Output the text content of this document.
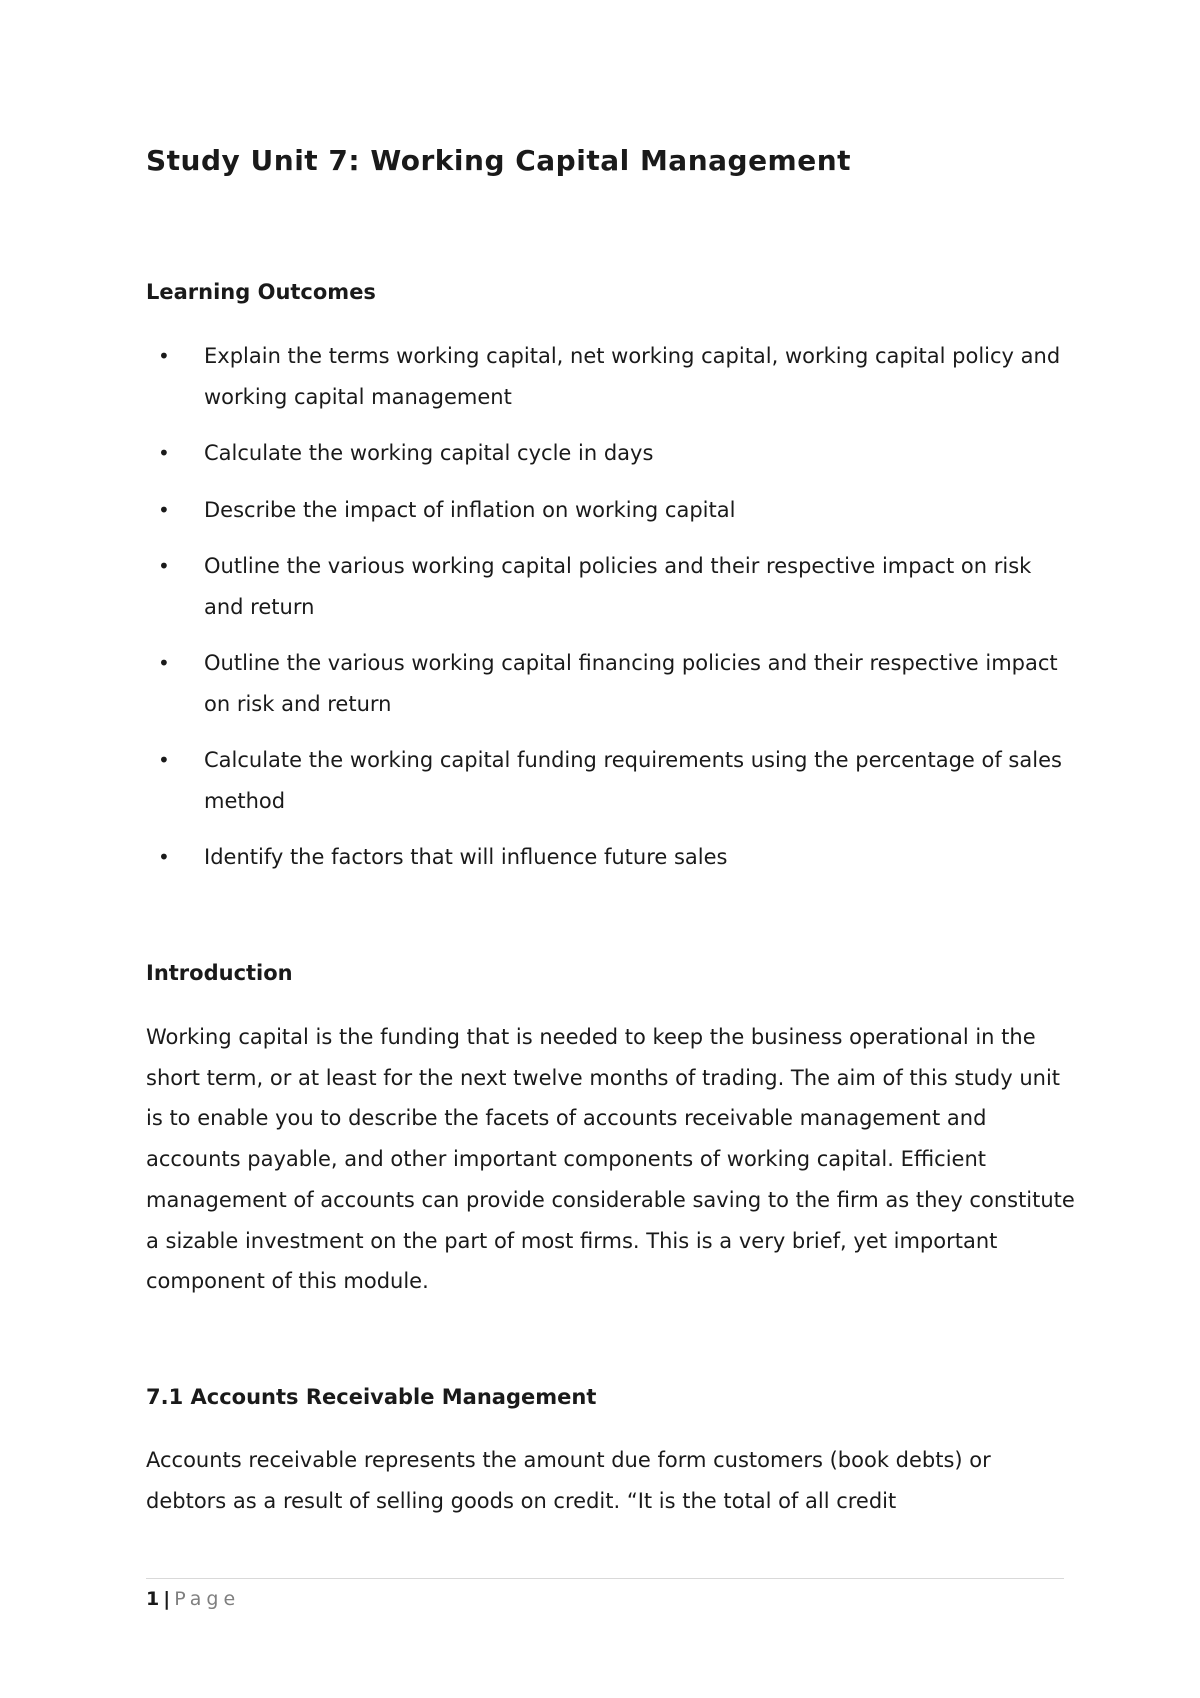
Study Unit 7: Working Capital Management
Learning Outcomes
• Explain the terms working capital, net working capital, working capital policy and working capital management
• Calculate the working capital cycle in days
• Describe the impact of inflation on working capital
• Outline the various working capital policies and their respective impact on risk and return
• Outline the various working capital financing policies and their respective impact on risk and return
• Calculate the working capital funding requirements using the percentage of sales method
• Identify the factors that will influence future sales
Introduction

Working capital is the funding that is needed to keep the business operational in the short term, or at least for the next twelve months of trading. The aim of this study unit is to enable you to describe the facets of accounts receivable management and accounts payable, and other important components of working capital. Efficient management of accounts can provide considerable saving to the firm as they constitute a sizable investment on the part of most firms. This is a very brief, yet important component of this module.

7.1 Accounts Receivable Management

Accounts receivable represents the amount due form customers (book debts) or debtors as a result of selling goods on credit. “It is the total of all credit

1 | Page
